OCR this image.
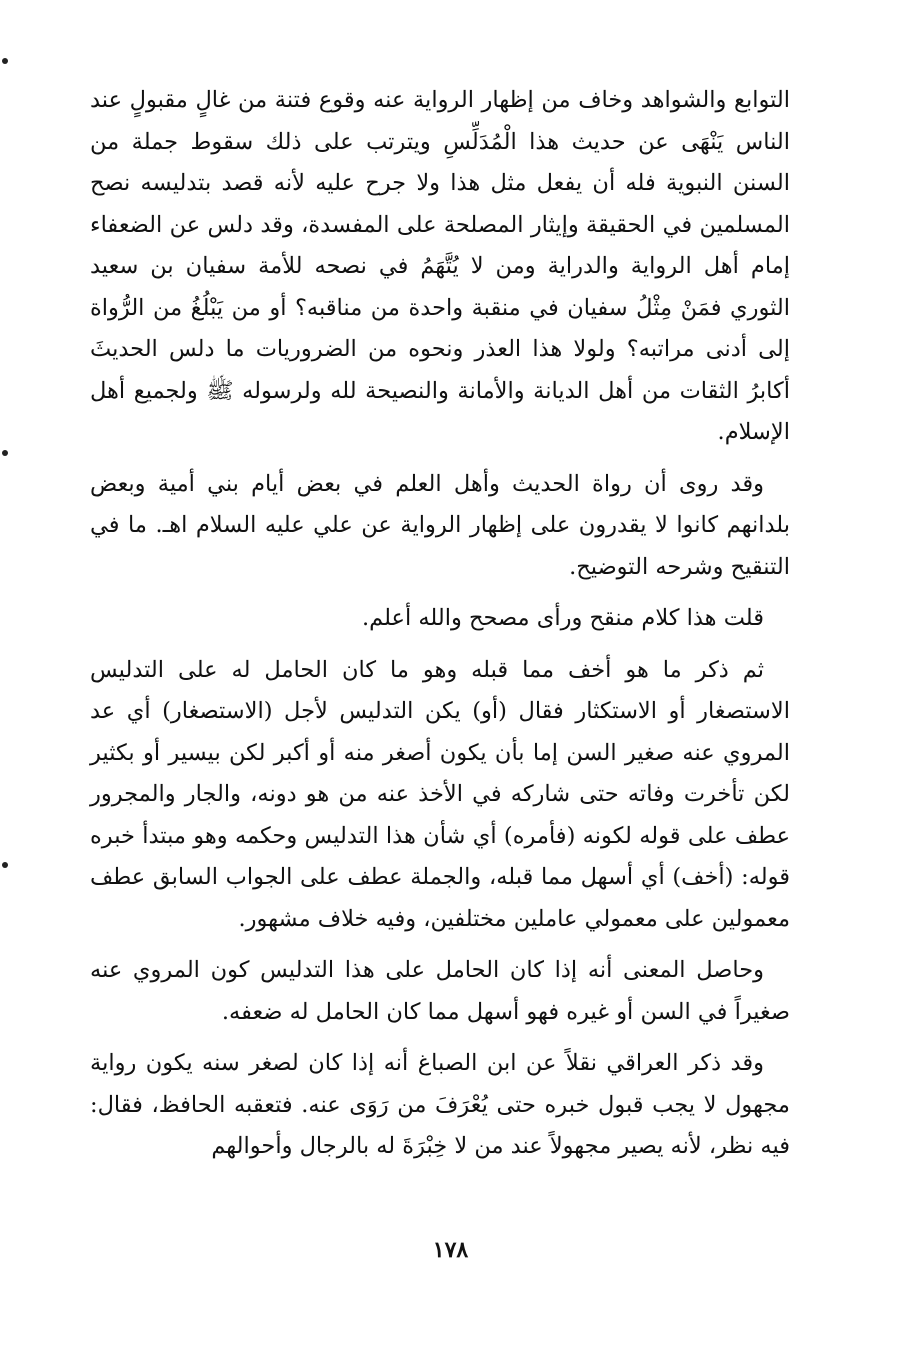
التوابع والشواهد وخاف من إظهار الرواية عنه وقوع فتنة من غالٍ مقبولٍ عند الناس يَنْهَى عن حديث هذا الْمُدَلِّسِ ويترتب على ذلك سقوط جملة من السنن النبوية فله أن يفعل مثل هذا ولا جرح عليه لأنه قصد بتدليسه نصح المسلمين في الحقيقة وإيثار المصلحة على المفسدة، وقد دلس عن الضعفاء إمام أهل الرواية والدراية ومن لا يُتَّهَمُ في نصحه للأمة سفيان بن سعيد الثوري فمَنْ مِثْلُ سفيان في منقبة واحدة من مناقبه؟ أو من يَبْلُغُ من الرُّواة إلى أدنى مراتبه؟ ولولا هذا العذر ونحوه من الضروريات ما دلس الحديثَ أكابرُ الثقات من أهل الديانة والأمانة والنصيحة لله ولرسوله ﷺ ولجميع أهل الإسلام.

وقد روى أن رواة الحديث وأهل العلم في بعض أيام بني أمية وبعض بلدانهم كانوا لا يقدرون على إظهار الرواية عن علي عليه السلام اهـ. ما في التنقيح وشرحه التوضيح.

قلت هذا كلام منقح ورأى مصحح والله أعلم.

ثم ذكر ما هو أخف مما قبله وهو ما كان الحامل له على التدليس الاستصغار أو الاستكثار فقال (أو) يكن التدليس لأجل (الاستصغار) أي عد المروي عنه صغير السن إما بأن يكون أصغر منه أو أكبر لكن بيسير أو بكثير لكن تأخرت وفاته حتى شاركه في الأخذ عنه من هو دونه، والجار والمجرور عطف على قوله لكونه (فأمره) أي شأن هذا التدليس وحكمه وهو مبتدأ خبره قوله: (أخف) أي أسهل مما قبله، والجملة عطف على الجواب السابق عطف معمولين على معمولي عاملين مختلفين، وفيه خلاف مشهور.

وحاصل المعنى أنه إذا كان الحامل على هذا التدليس كون المروي عنه صغيراً في السن أو غيره فهو أسهل مما كان الحامل له ضعفه.

وقد ذكر العراقي نقلاً عن ابن الصباغ أنه إذا كان لصغر سنه يكون رواية مجهول لا يجب قبول خبره حتى يُعْرَفَ من رَوَى عنه. فتعقبه الحافظ، فقال: فيه نظر، لأنه يصير مجهولاً عند من لا خِبْرَةَ له بالرجال وأحوالهم

١٧٨
